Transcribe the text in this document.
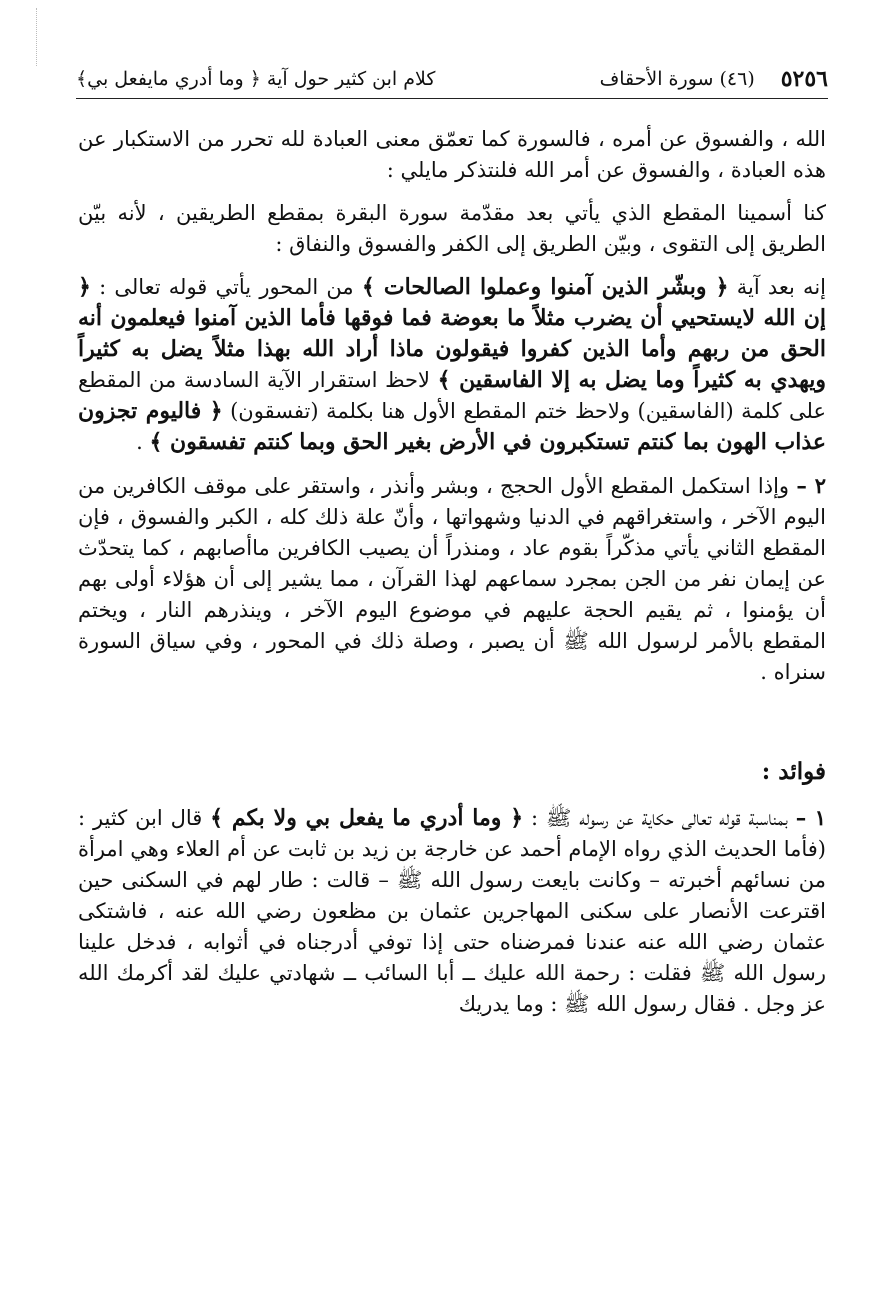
٥٢٥٦
(٤٦) سورة الأحقاف
كلام ابن كثير حول آية ﴿ وما أدري مايفعل بي﴾

الله ، والفسوق عن أمره ، فالسورة كما تعمّق معنى العبادة لله تحرر من الاستكبار عن هذه العبادة ، والفسوق عن أمر الله فلنتذكر مايلي :

كنا أسمينا المقطع الذي يأتي بعد مقدّمة سورة البقرة بمقطع الطريقين ، لأنه بيّن الطريق إلى التقوى ، وبيّن الطريق إلى الكفر والفسوق والنفاق :

إنه بعد آية ﴿ وبشّر الذين آمنوا وعملوا الصالحات ﴾ من المحور يأتي قوله تعالى : ﴿ إن الله لايستحيي أن يضرب مثلاً ما بعوضة فما فوقها فأما الذين آمنوا فيعلمون أنه الحق من ربهم وأما الذين كفروا فيقولون ماذا أراد الله بهذا مثلاً يضل به كثيراً ويهدي به كثيراً وما يضل به إلا الفاسقين ﴾ لاحظ استقرار الآية السادسة من المقطع على كلمة (الفاسقين) ولاحظ ختم المقطع الأول هنا بكلمة (تفسقون) ﴿ فاليوم تجزون عذاب الهون بما كنتم تستكبرون في الأرض بغير الحق وبما كنتم تفسقون ﴾ .

٢ – وإذا استكمل المقطع الأول الحجج ، وبشر وأنذر ، واستقر على موقف الكافرين من اليوم الآخر ، واستغراقهم في الدنيا وشهواتها ، وأنّ علة ذلك كله ، الكبر والفسوق ، فإن المقطع الثاني يأتي مذكّراً بقوم عاد ، ومنذراً أن يصيب الكافرين ماأصابهم ، كما يتحدّث عن إيمان نفر من الجن بمجرد سماعهم لهذا القرآن ، مما يشير إلى أن هؤلاء أولى بهم أن يؤمنوا ، ثم يقيم الحجة عليهم في موضوع اليوم الآخر ، وينذرهم النار ، ويختم المقطع بالأمر لرسول الله ﷺ أن يصبر ، وصلة ذلك في المحور ، وفي سياق السورة سنراه .

فوائد :

١ – بمناسبة قوله تعالى حكاية عن رسوله ﷺ : ﴿ وما أدري ما يفعل بي ولا بكم ﴾ قال ابن كثير : (فأما الحديث الذي رواه الإمام أحمد عن خارجة بن زيد بن ثابت عن أم العلاء وهي امرأة من نسائهم أخبرته – وكانت بايعت رسول الله ﷺ – قالت : طار لهم في السكنى حين اقترعت الأنصار على سكنى المهاجرين عثمان بن مظعون رضي الله عنه ، فاشتكى عثمان رضي الله عنه عندنا فمرضناه حتى إذا توفي أدرجناه في أثوابه ، فدخل علينا رسول الله ﷺ فقلت : رحمة الله عليك ــ أبا السائب ــ شهادتي عليك لقد أكرمك الله عز وجل . فقال رسول الله ﷺ : وما يدريك
